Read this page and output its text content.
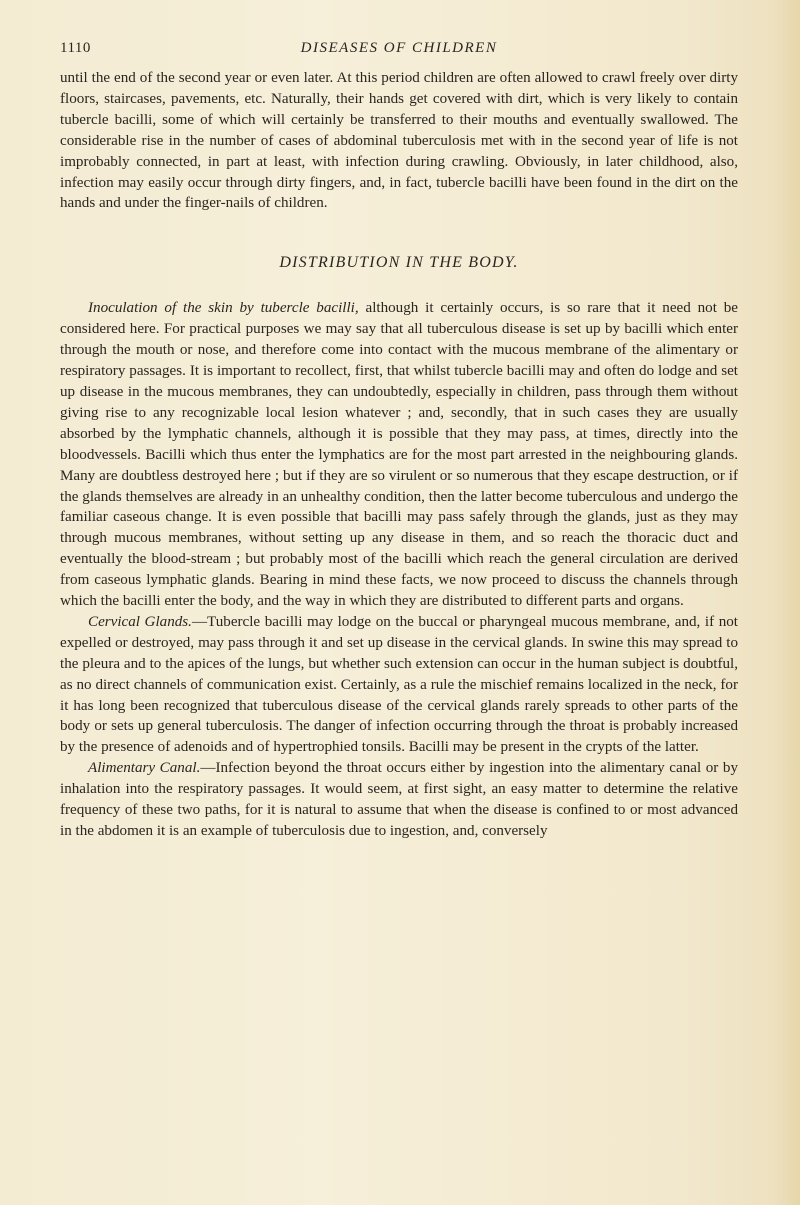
1110	DISEASES OF CHILDREN

until the end of the second year or even later. At this period children are often allowed to crawl freely over dirty floors, staircases, pavements, etc. Naturally, their hands get covered with dirt, which is very likely to contain tubercle bacilli, some of which will certainly be transferred to their mouths and eventually swallowed. The considerable rise in the number of cases of abdominal tuberculosis met with in the second year of life is not improbably connected, in part at least, with infection during crawling. Obviously, in later childhood, also, infection may easily occur through dirty fingers, and, in fact, tubercle bacilli have been found in the dirt on the hands and under the finger-nails of children.

DISTRIBUTION IN THE BODY.

Inoculation of the skin by tubercle bacilli, although it certainly occurs, is so rare that it need not be considered here. For practical purposes we may say that all tuberculous disease is set up by bacilli which enter through the mouth or nose, and therefore come into contact with the mucous membrane of the alimentary or respiratory passages. It is important to recollect, first, that whilst tubercle bacilli may and often do lodge and set up disease in the mucous membranes, they can undoubtedly, especially in children, pass through them without giving rise to any recognizable local lesion whatever ; and, secondly, that in such cases they are usually absorbed by the lymphatic channels, although it is possible that they may pass, at times, directly into the bloodvessels. Bacilli which thus enter the lymphatics are for the most part arrested in the neighbouring glands. Many are doubtless destroyed here ; but if they are so virulent or so numerous that they escape destruction, or if the glands themselves are already in an unhealthy condition, then the latter become tuberculous and undergo the familiar caseous change. It is even possible that bacilli may pass safely through the glands, just as they may through mucous membranes, without setting up any disease in them, and so reach the thoracic duct and eventually the blood-stream ; but probably most of the bacilli which reach the general circulation are derived from caseous lymphatic glands. Bearing in mind these facts, we now proceed to discuss the channels through which the bacilli enter the body, and the way in which they are distributed to different parts and organs.

Cervical Glands.—Tubercle bacilli may lodge on the buccal or pharyngeal mucous membrane, and, if not expelled or destroyed, may pass through it and set up disease in the cervical glands. In swine this may spread to the pleura and to the apices of the lungs, but whether such extension can occur in the human subject is doubtful, as no direct channels of communication exist. Certainly, as a rule the mischief remains localized in the neck, for it has long been recognized that tuberculous disease of the cervical glands rarely spreads to other parts of the body or sets up general tuberculosis. The danger of infection occurring through the throat is probably increased by the presence of adenoids and of hypertrophied tonsils. Bacilli may be present in the crypts of the latter.

Alimentary Canal.—Infection beyond the throat occurs either by ingestion into the alimentary canal or by inhalation into the respiratory passages. It would seem, at first sight, an easy matter to determine the relative frequency of these two paths, for it is natural to assume that when the disease is confined to or most advanced in the abdomen it is an example of tuberculosis due to ingestion, and, conversely
